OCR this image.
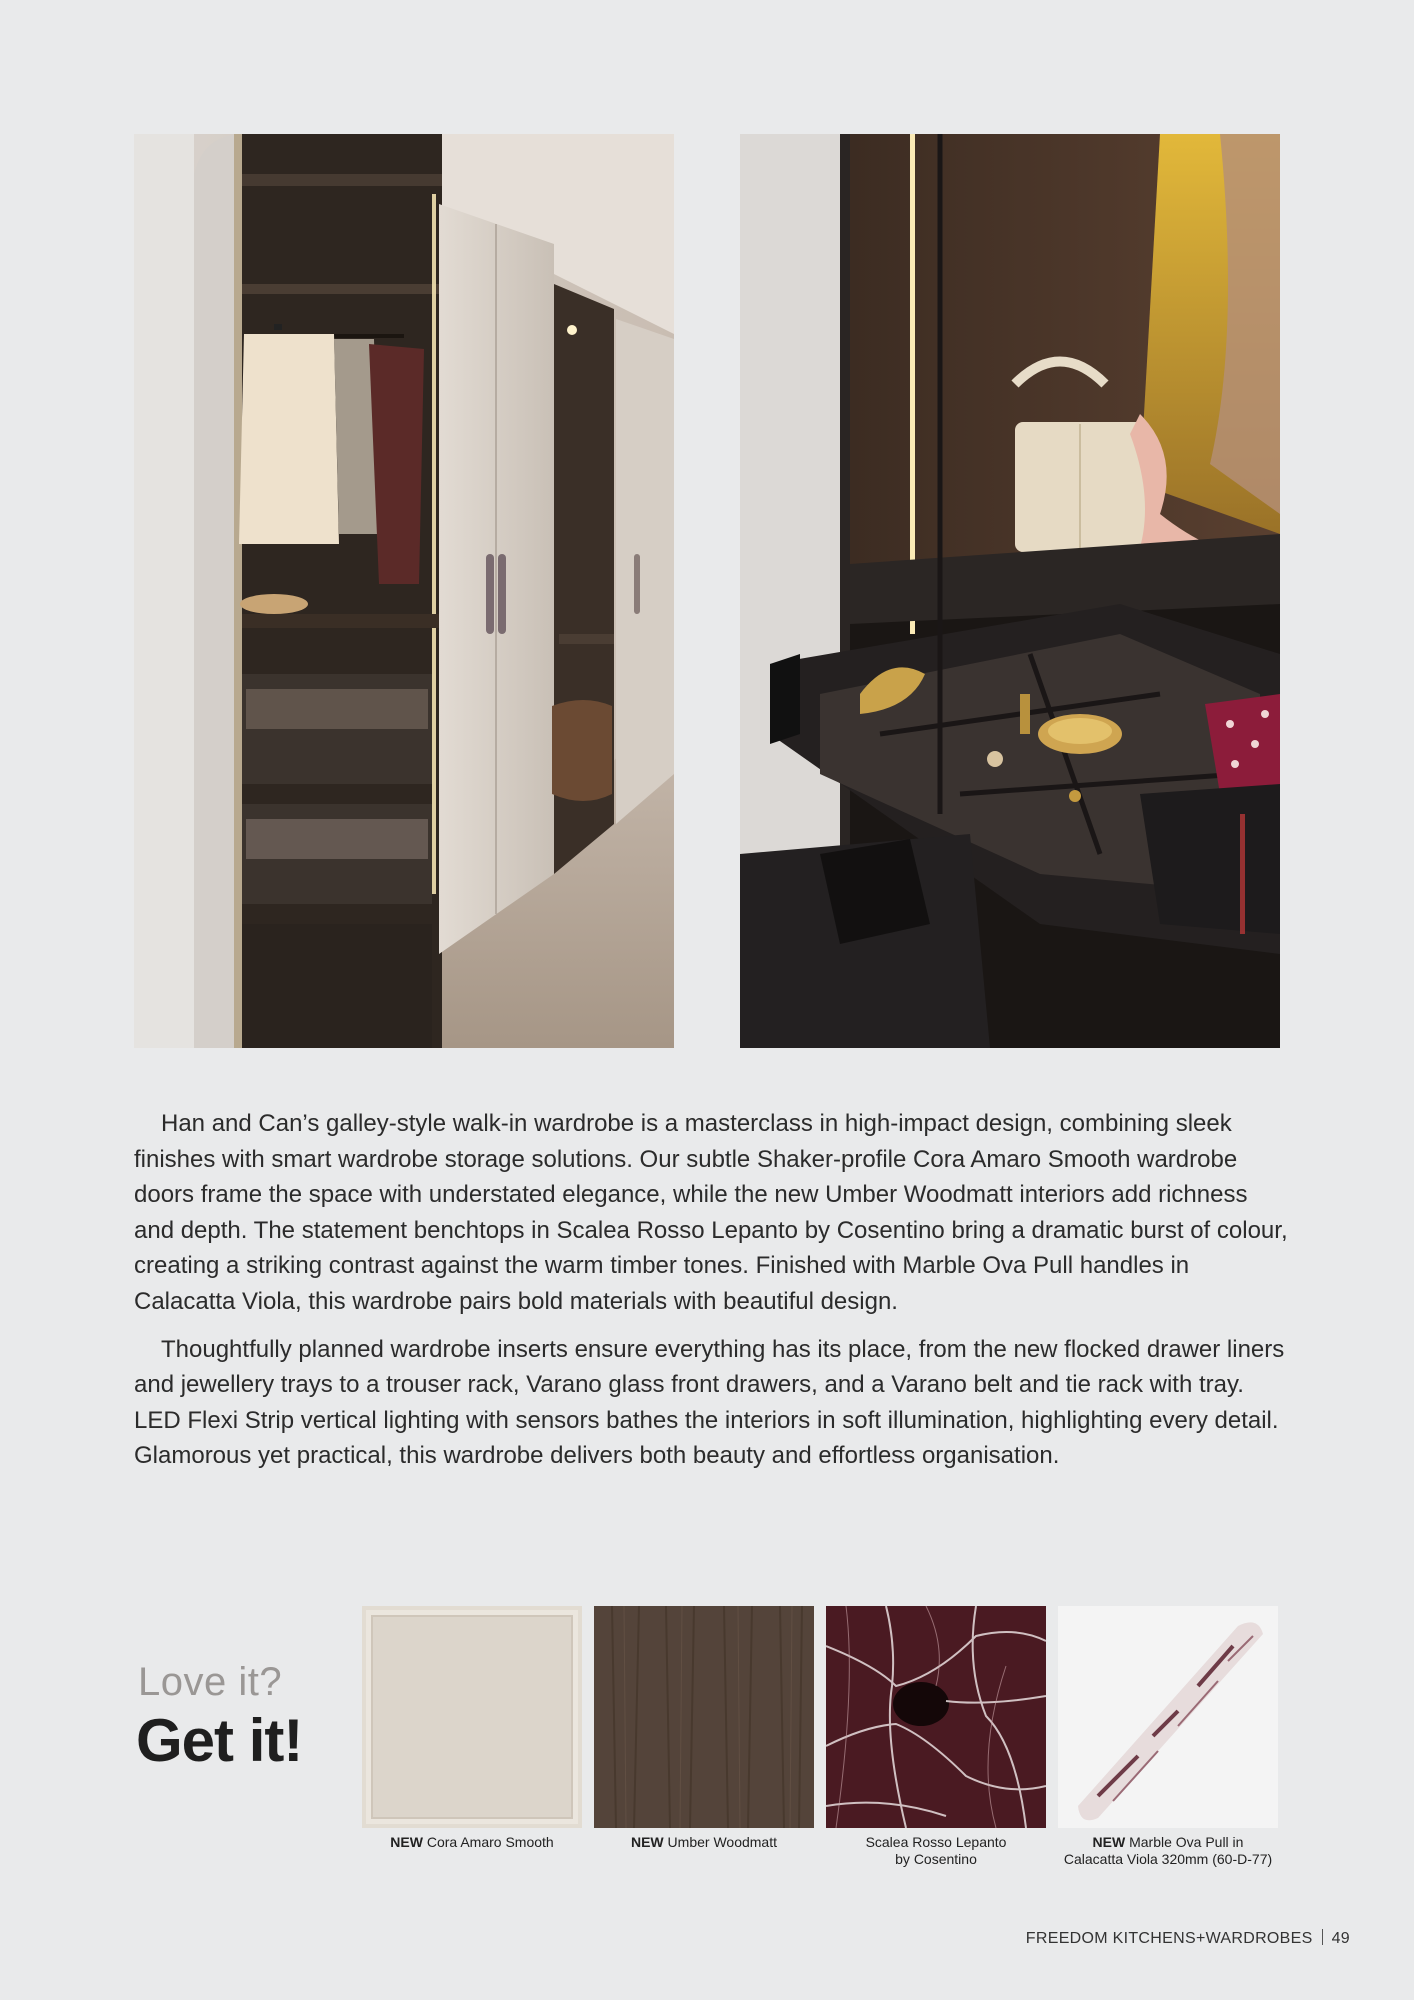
Han and Can’s galley-style walk-in wardrobe is a masterclass in high-impact design, combining sleek finishes with smart wardrobe storage solutions. Our subtle Shaker-profile Cora Amaro Smooth wardrobe doors frame the space with understated elegance, while the new Umber Woodmatt interiors add richness and depth. The statement benchtops in Scalea Rosso Lepanto by Cosentino bring a dramatic burst of colour, creating a striking contrast against the warm timber tones. Finished with Marble Ova Pull handles in Calacatta Viola, this wardrobe pairs bold materials with beautiful design.

Thoughtfully planned wardrobe inserts ensure everything has its place, from the new flocked drawer liners and jewellery trays to a trouser rack, Varano glass front drawers, and a Varano belt and tie rack with tray. LED Flexi Strip vertical lighting with sensors bathes the interiors in soft illumination, highlighting every detail. Glamorous yet practical, this wardrobe delivers both beauty and effortless organisation.

Love it?
Get it!
NEW Cora Amaro Smooth	NEW Umber Woodmatt	Scalea Rosso Lepanto
by Cosentino
NEW Marble Ova Pull in
Calacatta Viola 320mm (60-D-77)
FREEDOM KITCHENS+WARDROBES 49
